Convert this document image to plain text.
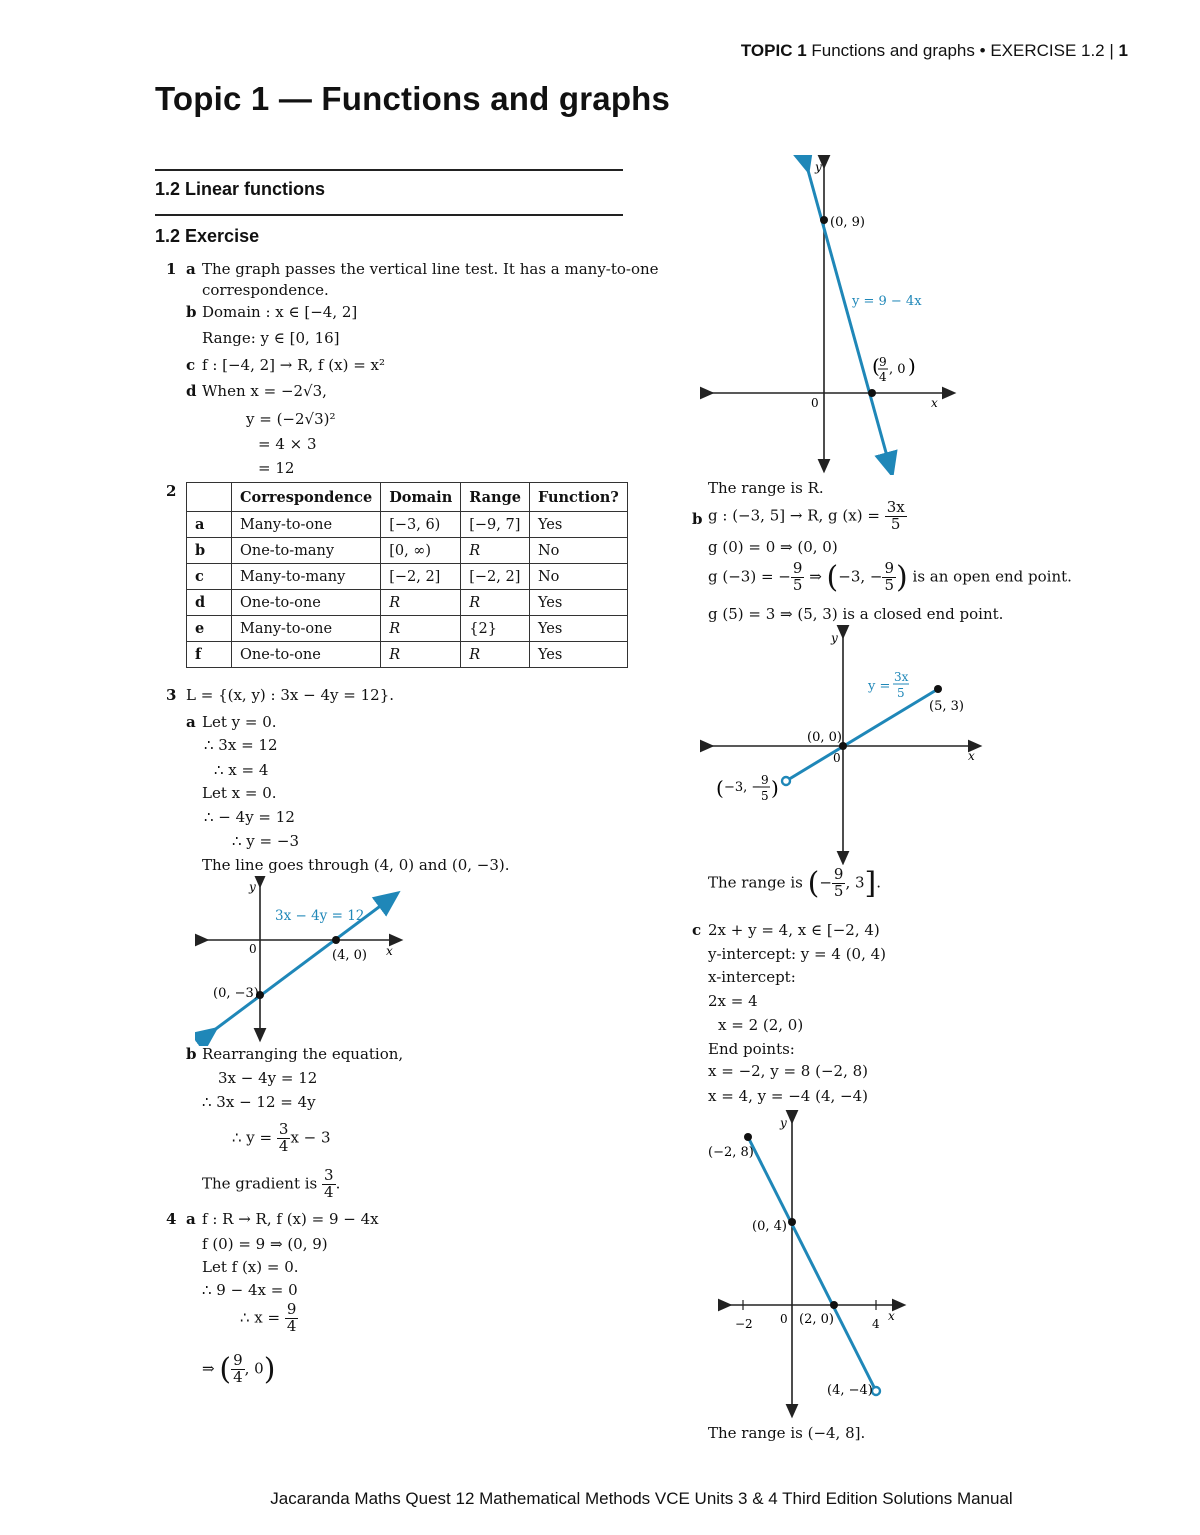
TOPIC 1 Functions and graphs • EXERCISE 1.2 | 1
Topic 1 — Functions and graphs
1.2 Linear functions
1.2 Exercise
1 a The graph passes the vertical line test. It has a many-to-one
correspondence.
b Domain : x ∈ [−4, 2]
Range: y ∈ [0, 16]
c f : [−4, 2] → R, f (x) = x²
d When x = −2√3,
y = (−2√3)²
= 4 × 3
= 12
2
		Correspondence	Domain	Range	Function?
a	Many-to-one	[−3, 6)	[−9, 7]	Yes
b	One-to-many	[0, ∞)	R	No
c	Many-to-many	[−2, 2]	[−2, 2]	No
d	One-to-one	R	R	Yes
e	Many-to-one	R	{2}	Yes
f	One-to-one	R	R	Yes
3 L = {(x, y) : 3x − 4y = 12}.
a Let y = 0.
∴ 3x = 12
∴ x = 4
Let x = 0.
∴ − 4y = 12
∴ y = −3
The line goes through (4, 0) and (0, −3).
3x − 4y = 12
(4, 0)
(0, −3)
0	x
y
b Rearranging the equation,
3x − 4y = 12
∴ 3x − 12 = 4y
∴ $y = \frac{3}{4}$ x − 3
The gradient is $\frac{3}{4}$ .
4 a f : R → R, f (x) = 9 − 4x
f (0) = 9 ⇒ (0, 9)
Let f (x) = 0.
∴ 9 − 4x = 0
∴ $x = \frac{9}{4}$
⇒ ( $\frac{9}{4}$ , 0)
(0, 9)
y = 9 − 4x
( 9
4 , 0 )
0	x
y
The range is R.
b g : (−3, 5] → R, g $(x) = \frac{3x}{5}$
g (0) = 0 ⇒ (0, 0)
g (−3) = − $\frac{9}{5}$ ⇒ (−3, − $\frac{9}{5}$ ) is an open end point.
g (5) = 3 ⇒ (5, 3) is a closed end point.
y =
3x
5
(5, 3)
(0, 0)
0	x
y
( −3, −
9
5 )
The range is (− $\frac{9}{5}$ , 3].
c 2x + y = 4, x ∈ [−2, 4)
y-intercept: y = 4 (0, 4)
x-intercept:
2x = 4
x = 2 (2, 0)
End points:
x = −2, y = 8 (−2, 8)
x = 4, y = −4 (4, −4)
(−2, 8)
(0, 4)
(2, 0)
(4, −4)
−2	4
0	x
y
The range is (−4, 8].
Jacaranda Maths Quest 12 Mathematical Methods VCE Units 3 & 4 Third Edition Solutions Manual
